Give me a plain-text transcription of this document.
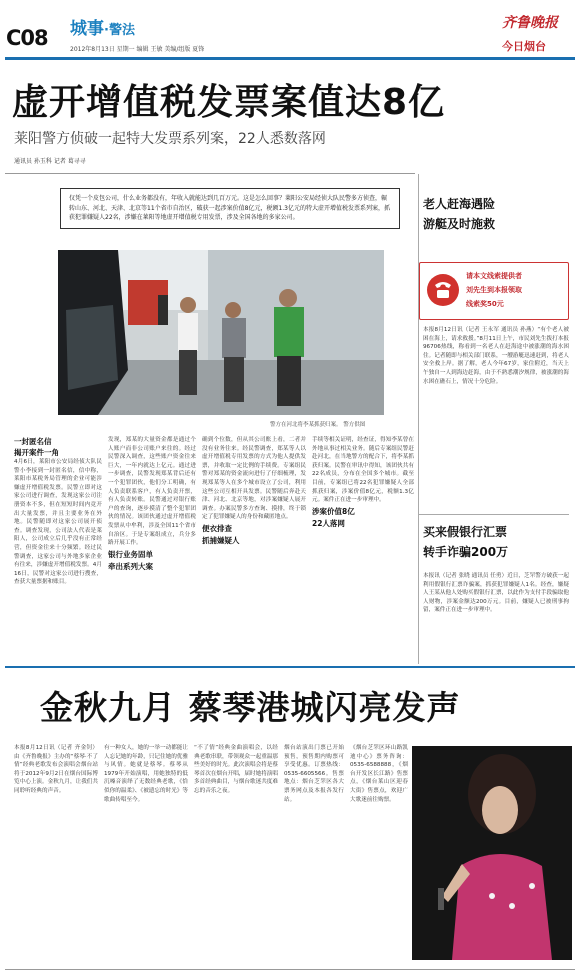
C08 城事·警法
2012年8月13日 星期一 编辑 王敏 美编/组版 夏锋
齐鲁晚报
今日烟台
虚开增值税发票案值达8亿
莱阳警方侦破一起特大发票系列案，22人悉数落网
通讯员 孙玉科 记者 葛寻寻
仅凭一个皮包公司，什么业务都没有，年收入就能达到几百万元。这是怎么回事？莱阳公安局经侦大队民警多方侦查，辗转山东、河北、天津、北京等11个省市自治区，破获一起涉案价值8亿元，税额1.3亿元的特大虚开增值税发票系列案，抓获犯罪嫌疑人22名，涉嫌在莱阳等地虚开增值税专用发票，涉及全国各地的多家公司。
警方在河北将李某抓获归案。 警方供图
一封匿名信
揭开案件一角

4月6日，莱阳市公安局经侦大队民警小李接到一封匿名信，信中称，莱阳市某税务局管理的企业可能涉嫌虚开增值税发票。民警立即对这家公司进行调查，发现这家公司注册资本不多，但在短短时间内竟开出大量发票，并且主要业务在外地。民警随即对这家公司展开侦查。调查发现，公司法人代表是莱阳人，公司成立后几乎没有正常经营，但资金往来十分频繁。经过民警调查，这家公司与外地多家企业有往来，涉嫌虚开增值税发票。4月16日，民警对这家公司进行搜查，查获大量票据和账目。

发现，郑某的大量资金都是通过个人账户而非公司账户来往的。经过民警深入调查，这些账户资金往来巨大，一年内就达上亿元。通过进一步调查，民警发现郑某背后还有一个犯罪团伙，他们分工明确，有人负责联系客户，有人负责开票，有人负责转账。民警通过对银行账户的查询，逐步摸清了整个犯罪团伙的情况。该团伙通过虚开增值税发票从中牟利，涉及全国11个省市自治区。于是专案组成立，兵分多路开展工作。

银行业务固单
牵出系列大案

确到个位数，但从其公司账上看，二者并没有业务往来。经民警调查，郑某等人以虚开增值税专用发票的方式为他人提供发票，并收取一定比例的手续费。专案组民警对郑某的资金流向进行了仔细梳理，发现郑某等人在多个城市设立了公司，利用这些公司互相开具发票。民警随后奔赴天津、河北、北京等地，对涉案嫌疑人展开调查。办案民警多方查询、摸排，终于锁定了犯罪嫌疑人的身份和藏匿地点。

便衣排查
抓捕嫌疑人

手续等相关证明，经查证，得知李某曾在外地从事过相关业务。随后专案组民警赶赴河北，在当地警方的配合下，将李某抓获归案。民警在审讯中得知，该团伙共有22名成员，分布在全国多个城市。截至目前，专案组已将22名犯罪嫌疑人全部抓获归案，涉案价值8亿元，税额1.3亿元。案件正在进一步审理中。

涉案价值8亿
22人落网
老人赶海遇险
游艇及时施救
请本文线索提供者
刘先生到本报领取
线索奖50元
本报8月12日讯（记者 王永军 通讯员 孙燕）“有个老人被困在海上，请求救援。”8月11日上午，市民刘先生拨打本报96706热线，称看到一名老人在赶海途中被涨潮的海水困住。记者随即与相关部门联系，一艘游艇迅速赶到，将老人安全救上岸。据了解，老人今年67岁，家住附近，当天上午独自一人到海边赶海，由于不熟悉潮汐规律，被涨潮的海水困在礁石上，情况十分危险。
买来假银行汇票
转手诈骗200万
本报讯（记者 张晓 通讯员 任勇）近日，芝罘警方破获一起利用假银行汇票诈骗案，抓获犯罪嫌疑人1名。经查，嫌疑人王某从他人处购买假银行汇票，以此作为支付手段骗取他人财物，涉案金额达200万元。目前，嫌疑人已被刑事拘留，案件正在进一步审理中。
金秋九月 蔡琴港城闪亮发声
本报8月12日讯（记者 齐金钊）由《齐鲁晚报》主办的“蔡琴·不了情”经典老歌发布会演唱会烟台站将于2012年9月2日在烟台国际博览中心上演。金秋九月，让我们共同聆听经典的声音。
有一种女人，她的一举一动都能让人忘记她的年龄，只记住她的优雅与风情。她就是蔡琴。蔡琴从1979年开始演唱，用她独特的低沉嗓音演绎了无数经典老歌，《恰似你的温柔》、《被遗忘的时光》等歌曲传唱至今。
“不了情”经典金曲演唱会，以经典老歌串联，带领观众一起重温那些美好的时光。此次演唱会将是蔡琴首次在烟台开唱，届时她将演唱多首经典曲目，与烟台歌迷共度难忘的音乐之夜。
烟台站演出门票已开始预售，预售期内购票可享受优惠。订票热线：0535-6605566。售票地点：烟台芝罘区各大票务网点及本报各发行站。
《烟台芝罘区环山路凯迪中心》票务咨询：0535-6588888，《烟台开发区长江路》售票点，《烟台莱山区迎春大街》售票点，欢迎广大歌迷前往购票。
